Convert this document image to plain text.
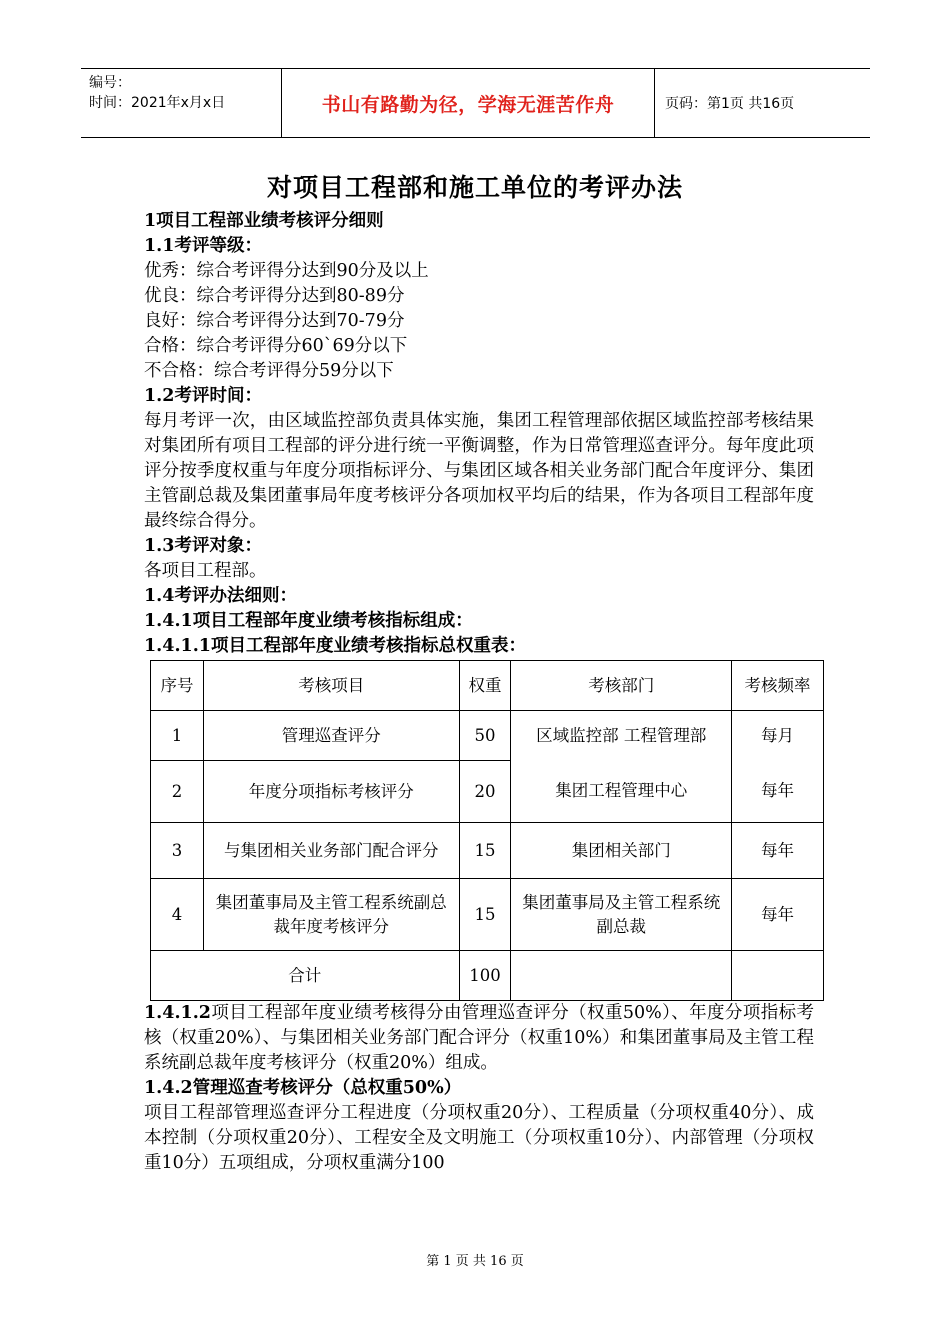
编号：
时间：2021年x月x日	书山有路勤为径，学海无涯苦作舟	页码：第1页 共16页
对项目工程部和施工单位的考评办法

1项目工程部业绩考核评分细则

1.1考评等级：

优秀：综合考评得分达到90分及以上

优良：综合考评得分达到80-89分

良好：综合考评得分达到70-79分

合格：综合考评得分60`69分以下

不合格：综合考评得分59分以下

1.2考评时间：

每月考评一次，由区域监控部负责具体实施，集团工程管理部依据区域监控部考核结果对集团所有项目工程部的评分进行统一平衡调整，作为日常管理巡查评分。每年度此项评分按季度权重与年度分项指标评分、与集团区域各相关业务部门配合年度评分、集团主管副总裁及集团董事局年度考核评分各项加权平均后的结果，作为各项目工程部年度最终综合得分。

1.3考评对象：

各项目工程部。

1.4考评办法细则：

1.4.1项目工程部年度业绩考核指标组成：

1.4.1.1项目工程部年度业绩考核指标总权重表：

序号	考核项目	权重	考核部门	考核频率
1	管理巡查评分	50	区域监控部 工程管理部	每月
2	年度分项指标考核评分	20	集团工程管理中心	每年
3	与集团相关业务部门配合评分	15	集团相关部门	每年
4	集团董事局及主管工程系统副总裁年度考核评分	15	集团董事局及主管工程系统副总裁	每年
合计		100		

1.4.1.2项目工程部年度业绩考核得分由管理巡查评分（权重50%）、年度分项指标考核（权重20%）、与集团相关业务部门配合评分（权重10%）和集团董事局及主管工程系统副总裁年度考核评分（权重20%）组成。

1.4.2管理巡查考核评分（总权重50%）

项目工程部管理巡查评分工程进度（分项权重20分）、工程质量（分项权重40分）、成本控制（分项权重20分）、工程安全及文明施工（分项权重10分）、内部管理（分项权重10分）五项组成，分项权重满分100

第 1 页 共 16 页
